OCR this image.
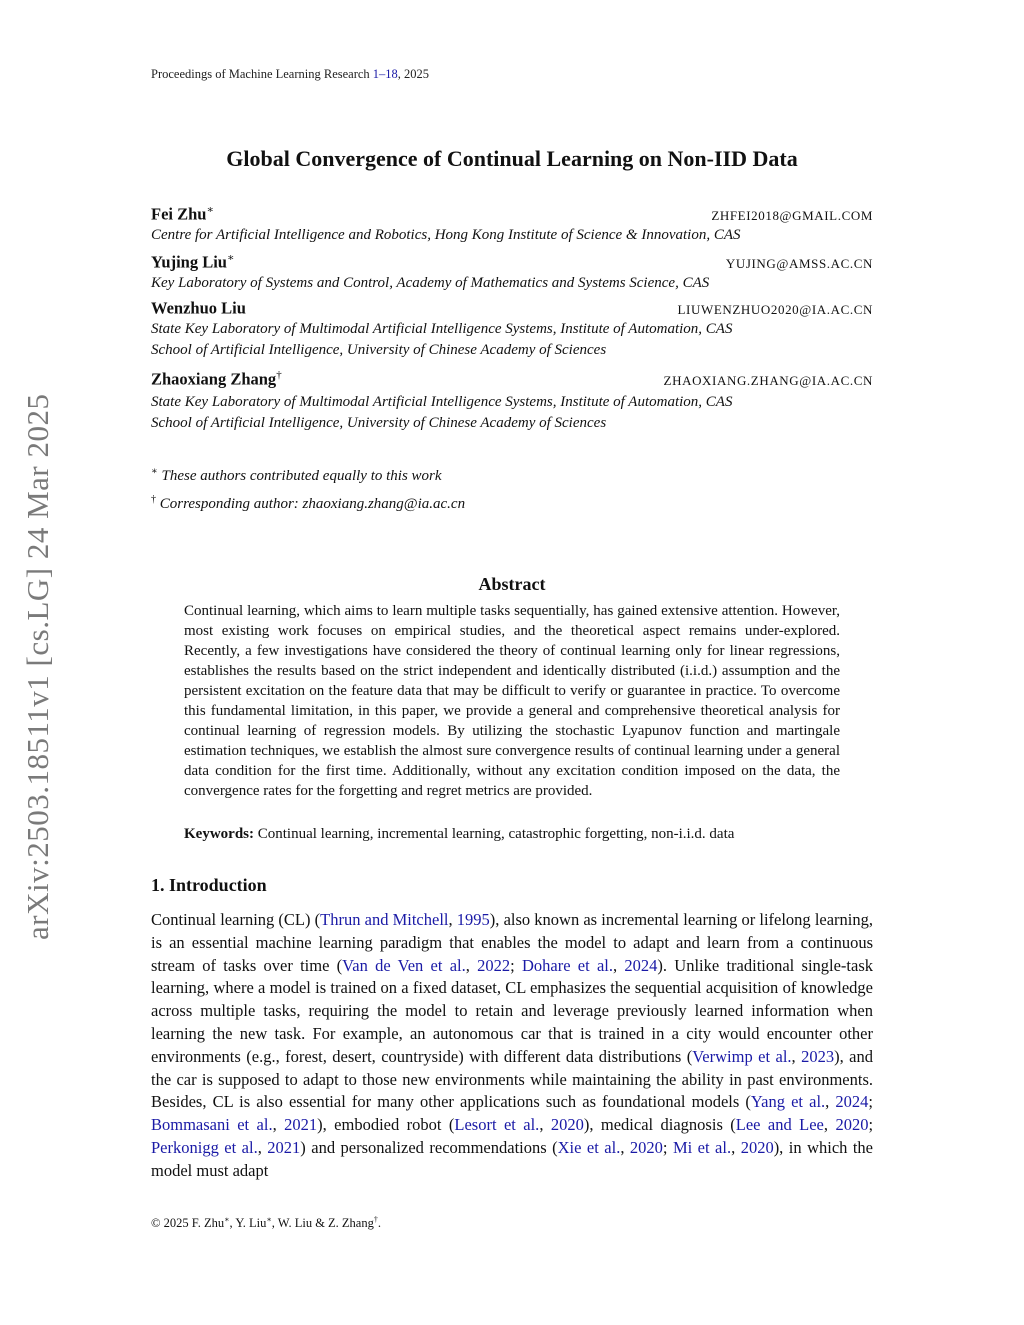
Proceedings of Machine Learning Research 1–18, 2025
arXiv:2503.18511v1 [cs.LG] 24 Mar 2025
Global Convergence of Continual Learning on Non-IID Data
Fei Zhu∗	ZHFEI2018@GMAIL.COM
Centre for Artificial Intelligence and Robotics, Hong Kong Institute of Science & Innovation, CAS
Yujing Liu∗	YUJING@AMSS.AC.CN
Key Laboratory of Systems and Control, Academy of Mathematics and Systems Science, CAS
Wenzhuo Liu	LIUWENZHUO2020@IA.AC.CN
State Key Laboratory of Multimodal Artificial Intelligence Systems, Institute of Automation, CAS
School of Artificial Intelligence, University of Chinese Academy of Sciences
Zhaoxiang Zhang†	ZHAOXIANG.ZHANG@IA.AC.CN
State Key Laboratory of Multimodal Artificial Intelligence Systems, Institute of Automation, CAS
School of Artificial Intelligence, University of Chinese Academy of Sciences
∗ These authors contributed equally to this work
† Corresponding author: zhaoxiang.zhang@ia.ac.cn
Abstract
Continual learning, which aims to learn multiple tasks sequentially, has gained extensive attention. However, most existing work focuses on empirical studies, and the theoretical aspect remains under-explored. Recently, a few investigations have considered the theory of continual learning only for linear regressions, establishes the results based on the strict independent and identically distributed (i.i.d.) assumption and the persistent excitation on the feature data that may be difficult to verify or guarantee in practice. To overcome this fundamental limitation, in this paper, we provide a general and comprehensive theoretical analysis for continual learning of regression models. By utilizing the stochastic Lyapunov function and martingale estimation techniques, we establish the almost sure convergence results of continual learning under a general data condition for the first time. Additionally, without any excitation condition imposed on the data, the convergence rates for the forgetting and regret metrics are provided.
Keywords: Continual learning, incremental learning, catastrophic forgetting, non-i.i.d. data
1. Introduction
Continual learning (CL) (Thrun and Mitchell, 1995), also known as incremental learning or lifelong learning, is an essential machine learning paradigm that enables the model to adapt and learn from a continuous stream of tasks over time (Van de Ven et al., 2022; Dohare et al., 2024). Unlike traditional single-task learning, where a model is trained on a fixed dataset, CL emphasizes the sequential acquisition of knowledge across multiple tasks, requiring the model to retain and leverage previously learned information when learning the new task. For example, an autonomous car that is trained in a city would encounter other environments (e.g., forest, desert, countryside) with different data distributions (Verwimp et al., 2023), and the car is supposed to adapt to those new environments while maintaining the ability in past environments. Besides, CL is also essential for many other applications such as foundational models (Yang et al., 2024; Bommasani et al., 2021), embodied robot (Lesort et al., 2020), medical diagnosis (Lee and Lee, 2020; Perkonigg et al., 2021) and personalized recommendations (Xie et al., 2020; Mi et al., 2020), in which the model must adapt
© 2025 F. Zhu∗, Y. Liu∗, W. Liu & Z. Zhang†.
